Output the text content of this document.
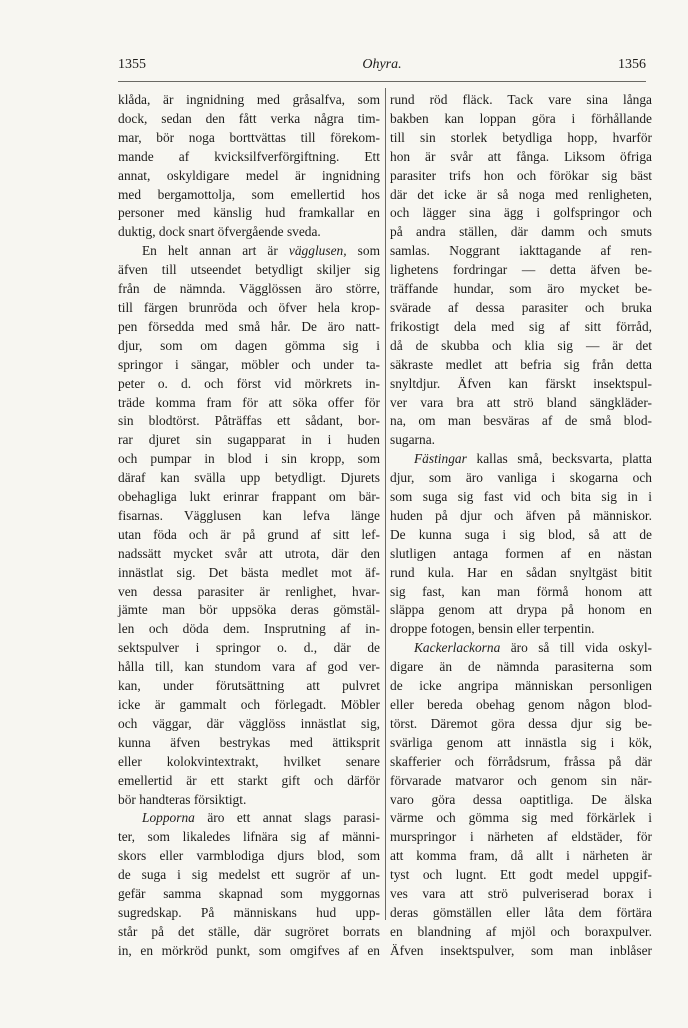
1355	Ohyra.	1356
klåda, är ingnidning med gråsalfva, som
dock, sedan den fått verka några tim-
mar, bör noga borttvättas till förekom-
mande af kvicksilfverförgiftning. Ett
annat, oskyldigare medel är ingnidning
med bergamottolja, som emellertid hos
personer med känslig hud framkallar en
duktig, dock snart öfvergående sveda.
En helt annan art är vägglusen, som
äfven till utseendet betydligt skiljer sig
från de nämnda. Vägglössen äro större,
till färgen brunröda och öfver hela krop-
pen försedda med små hår. De äro natt-
djur, som om dagen gömma sig i
springor i sängar, möbler och under ta-
peter o. d. och först vid mörkrets in-
träde komma fram för att söka offer för
sin blodtörst. Påträffas ett sådant, bor-
rar djuret sin sugapparat in i huden
och pumpar in blod i sin kropp, som
däraf kan svälla upp betydligt. Djurets
obehagliga lukt erinrar frappant om bär-
fisarnas. Vägglusen kan lefva länge
utan föda och är på grund af sitt lef-
nadssätt mycket svår att utrota, där den
innästlat sig. Det bästa medlet mot äf-
ven dessa parasiter är renlighet, hvar-
jämte man bör uppsöka deras gömstäl-
len och döda dem. Insprutning af in-
sektspulver i springor o. d., där de
hålla till, kan stundom vara af god ver-
kan, under förutsättning att pulvret
icke är gammalt och förlegadt. Möbler
och väggar, där vägglöss innästlat sig,
kunna äfven bestrykas med ättiksprit
eller kolokvintextrakt, hvilket senare
emellertid är ett starkt gift och därför
bör handteras försiktigt.
Lopporna äro ett annat slags parasi-
ter, som likaledes lifnära sig af männi-
skors eller varmblodiga djurs blod, som
de suga i sig medelst ett sugrör af un-
gefär samma skapnad som myggornas
sugredskap. På människans hud upp-
står på det ställe, där sugröret borrats
in, en mörkröd punkt, som omgifves af en
rund röd fläck. Tack vare sina långa
bakben kan loppan göra i förhållande
till sin storlek betydliga hopp, hvarför
hon är svår att fånga. Liksom öfriga
parasiter trifs hon och förökar sig bäst
där det icke är så noga med renligheten,
och lägger sina ägg i golfspringor och
på andra ställen, där damm och smuts
samlas. Noggrant iakttagande af ren-
lighetens fordringar — detta äfven be-
träffande hundar, som äro mycket be-
svärade af dessa parasiter och bruka
frikostigt dela med sig af sitt förråd,
då de skubba och klia sig — är det
säkraste medlet att befria sig från detta
snyltdjur. Äfven kan färskt insektspul-
ver vara bra att strö bland sängkläder-
na, om man besväras af de små blod-
sugarna.
Fästingar kallas små, becksvarta, platta
djur, som äro vanliga i skogarna och
som suga sig fast vid och bita sig in i
huden på djur och äfven på människor.
De kunna suga i sig blod, så att de
slutligen antaga formen af en nästan
rund kula. Har en sådan snyltgäst bitit
sig fast, kan man förmå honom att
släppa genom att drypa på honom en
droppe fotogen, bensin eller terpentin.
Kackerlackorna äro så till vida oskyl-
digare än de nämnda parasiterna som
de icke angripa människan personligen
eller bereda obehag genom någon blod-
törst. Däremot göra dessa djur sig be-
svärliga genom att innästla sig i kök,
skafferier och förrådsrum, fråssa på där
förvarade matvaror och genom sin när-
varo göra dessa oaptitliga. De älska
värme och gömma sig med förkärlek i
murspringor i närheten af eldstäder, för
att komma fram, då allt i närheten är
tyst och lugnt. Ett godt medel uppgif-
ves vara att strö pulveriserad borax i
deras gömställen eller låta dem förtära
en blandning af mjöl och boraxpulver.
Äfven insektspulver, som man inblåser
